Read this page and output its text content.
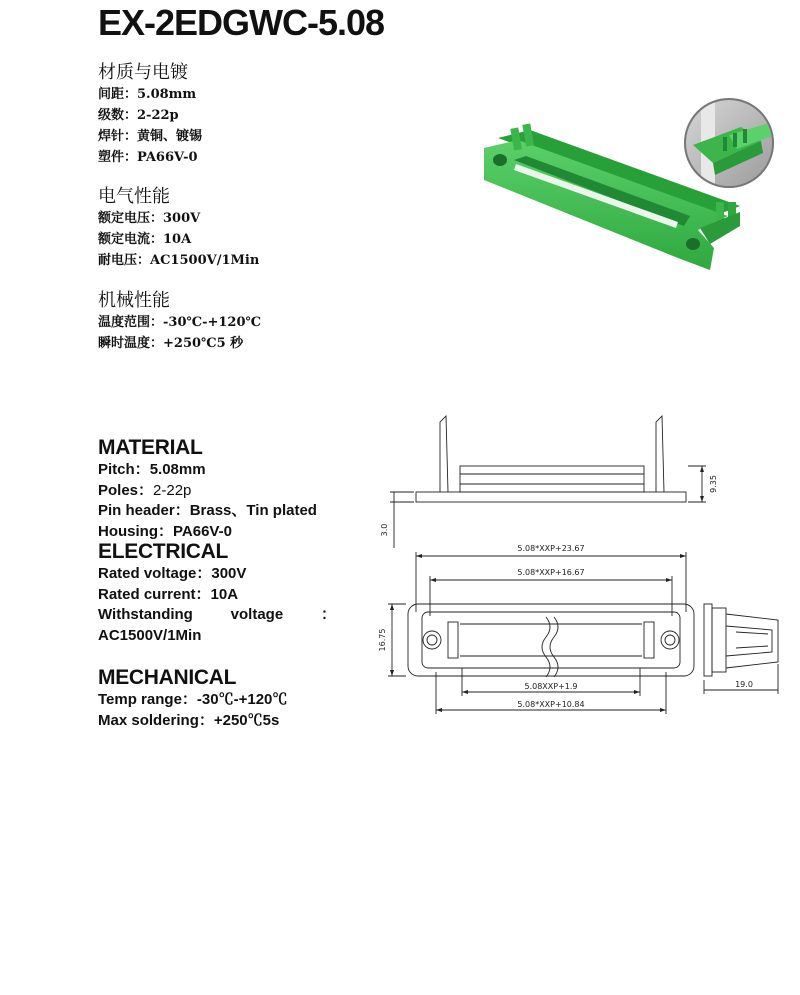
EX-2EDGWC-5.08
材质与电镀
间距：5.08mm
级数：2-22p
焊针：黄铜、镀锡
塑件：PA66V-0
电气性能
额定电压：300V
额定电流：10A
耐电压：AC1500V/1Min
机械性能
温度范围：-30℃-+120℃
瞬时温度：+250℃5 秒
MATERIAL
Pitch：5.08mm
Poles：2-22p
Pin header：Brass、Tin plated
Housing：PA66V-0
ELECTRICAL
Rated voltage：300V
Rated current：10A
Withstanding	voltage	：
AC1500V/1Min
MECHANICAL
Temp range：-30℃-+120℃
Max soldering：+250℃5s
5.08*XXP+23.67
5.08*XXP+16.67
5.08XXP+1.9
5.08*XXP+10.84
9.35
3.0
16.75
19.0
